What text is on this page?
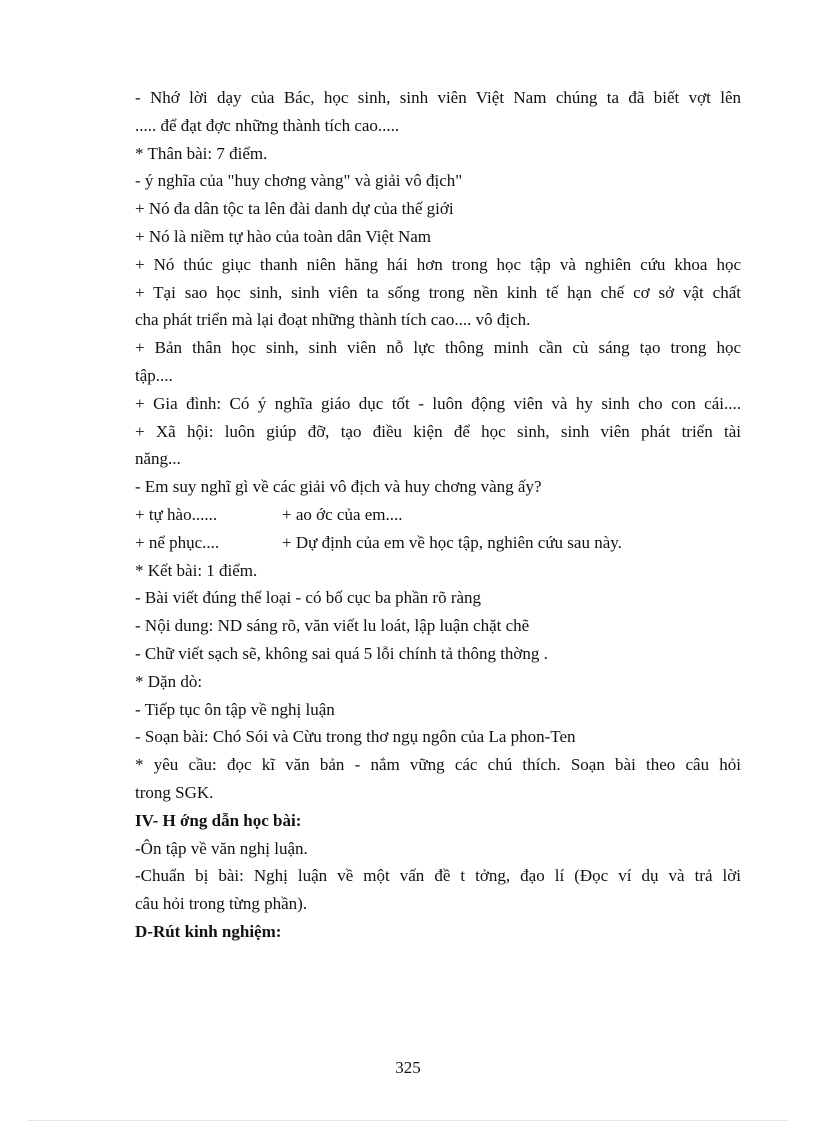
- Nhớ lời dạy của Bác, học sinh, sinh viên Việt Nam chúng ta đã biết vợt lên
..... để đạt đợc những thành tích cao.....
* Thân bài: 7 điểm.
- ý nghĩa của "huy chơng vàng" và giải vô địch"
+ Nó đa dân tộc ta lên đài danh dự của thế giới
+ Nó là niềm tự hào của toàn dân Việt Nam
+ Nó thúc giục thanh niên hăng hái hơn trong học tập và nghiên cứu khoa học
+ Tại sao học sinh, sinh viên ta sống trong nền kinh tế hạn chế cơ sở vật chất
cha phát triển mà lại đoạt những thành tích cao.... vô địch.
+ Bản thân học sinh, sinh viên nỗ lực thông minh cần cù sáng tạo trong học
tập....
+ Gia đình: Có ý nghĩa giáo dục tốt - luôn động viên và hy sinh cho con cái....
+ Xã hội: luôn giúp đỡ, tạo điều kiện để học sinh, sinh viên phát triển tài
năng...
- Em suy nghĩ gì về các giải vô địch và huy chơng vàng ấy?
+ tự hào......	+ ao ớc của em....
+ nể phục....	+ Dự định của em về học tập, nghiên cứu sau này.
* Kết bài: 1 điểm.
- Bài viết đúng thể loại - có bố cục ba phần rõ ràng
- Nội dung: ND sáng rõ, văn viết lu loát, lập luận chặt chẽ
- Chữ viết sạch sẽ, không sai quá 5 lỗi chính tả thông thờng .
* Dặn dò:
- Tiếp tục ôn tập về nghị luận
- Soạn bài: Chó Sói và Cừu trong thơ ngụ ngôn của La phon-Ten
* yêu cầu: đọc kĩ văn bản - nắm vững các chú thích. Soạn bài theo câu hỏi
trong SGK.
IV- H ớng dẫn học bài:
-Ôn tập về văn nghị luận.
-Chuẩn bị bài: Nghị luận về một vấn đề t tởng, đạo lí (Đọc ví dụ và trả lời
câu hỏi trong từng phần).
D-Rút kinh nghiệm:
325
